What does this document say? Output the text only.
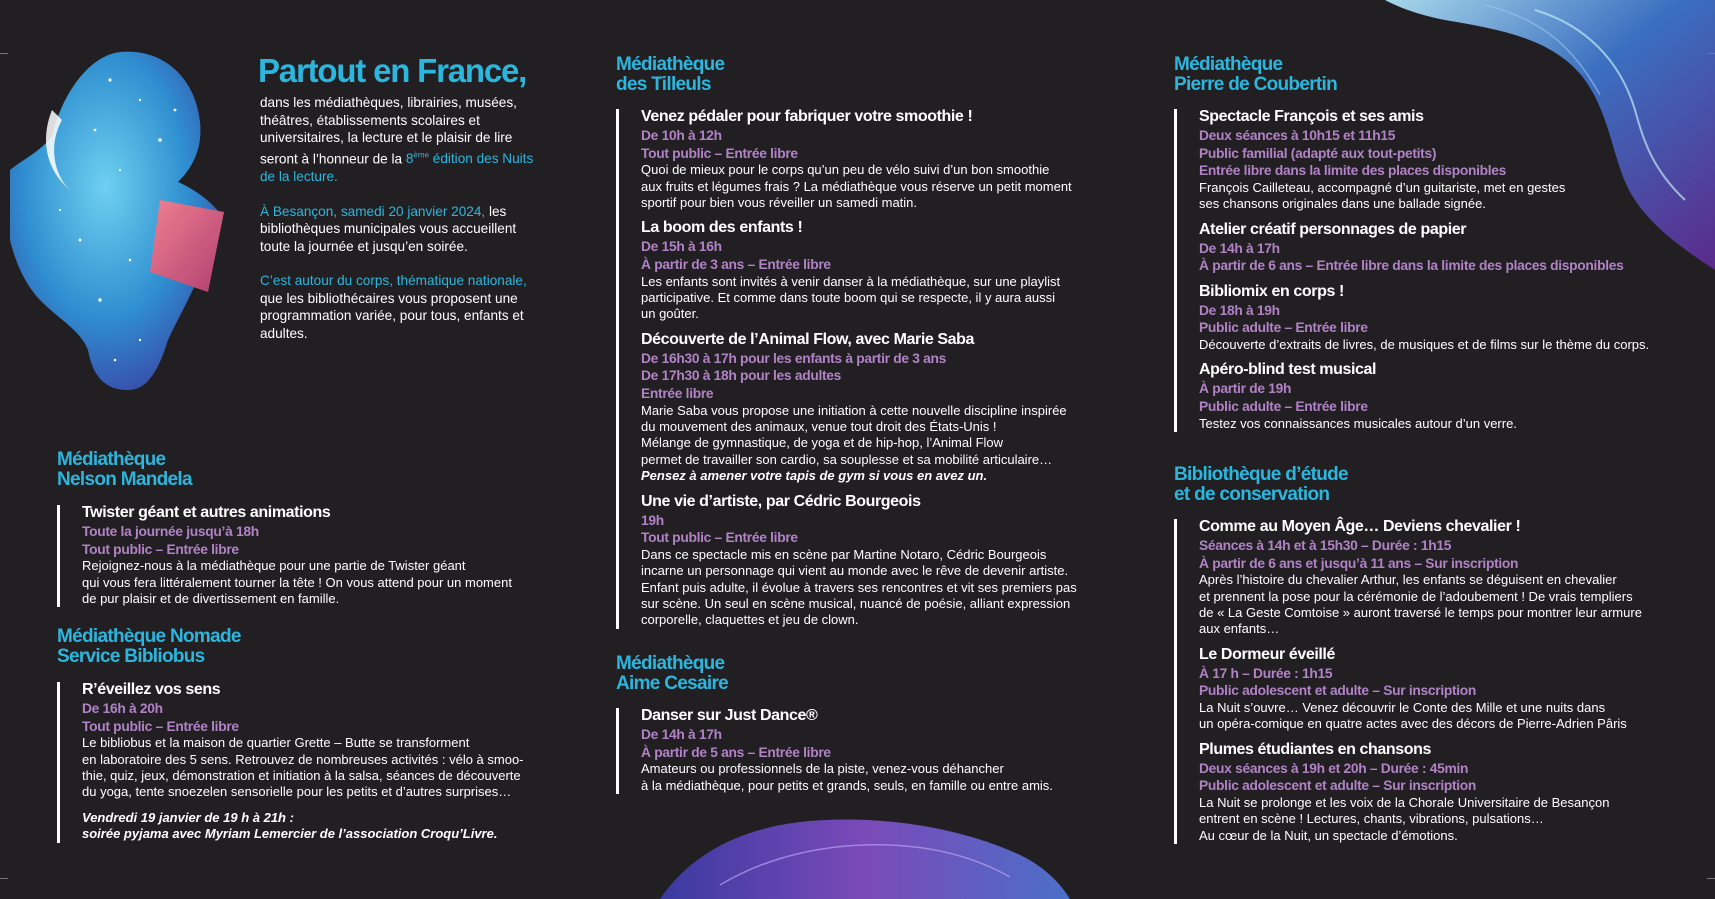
Partout en France,

dans les médiathèques, librairies, musées, théâtres, établissements scolaires et universitaires, la lecture et le plaisir de lire seront à l’honneur de la 8ème édition des Nuits de la lecture.

À Besançon, samedi 20 janvier 2024, les bibliothèques municipales vous accueillent toute la journée et jusqu’en soirée.

C’est autour du corps, thématique nationale, que les bibliothécaires vous proposent une programmation variée, pour tous, enfants et adultes.

Médiathèque
Nelson Mandela
Twister géant et autres animations
Toute la journée jusqu’à 18h
Tout public – Entrée libre
Rejoignez-nous à la médiathèque pour une partie de Twister géant
qui vous fera littéralement tourner la tête ! On vous attend pour un moment
de pur plaisir et de divertissement en famille.
Médiathèque Nomade
Service Bibliobus
R’éveillez vos sens
De 16h à 20h
Tout public – Entrée libre
Le bibliobus et la maison de quartier Grette – Butte se transforment
en laboratoire des 5 sens. Retrouvez de nombreuses activités : vélo à smoo-
thie, quiz, jeux, démonstration et initiation à la salsa, séances de découverte
du yoga, tente snoezelen sensorielle pour les petits et d’autres surprises…
Vendredi 19 janvier de 19 h à 21h :
soirée pyjama avec Myriam Lemercier de l’association Croqu’Livre.
Médiathèque
des Tilleuls
Venez pédaler pour fabriquer votre smoothie !
De 10h à 12h
Tout public – Entrée libre
Quoi de mieux pour le corps qu’un peu de vélo suivi d’un bon smoothie
aux fruits et légumes frais ? La médiathèque vous réserve un petit moment
sportif pour bien vous réveiller un samedi matin.
La boom des enfants !
De 15h à 16h
À partir de 3 ans – Entrée libre
Les enfants sont invités à venir danser à la médiathèque, sur une playlist
participative. Et comme dans toute boom qui se respecte, il y aura aussi
un goûter.
Découverte de l’Animal Flow, avec Marie Saba
De 16h30 à 17h pour les enfants à partir de 3 ans
De 17h30 à 18h pour les adultes
Entrée libre
Marie Saba vous propose une initiation à cette nouvelle discipline inspirée
du mouvement des animaux, venue tout droit des États-Unis !
Mélange de gymnastique, de yoga et de hip-hop, l’Animal Flow
permet de travailler son cardio, sa souplesse et sa mobilité articulaire…
Pensez à amener votre tapis de gym si vous en avez un.
Une vie d’artiste, par Cédric Bourgeois
19h
Tout public – Entrée libre
Dans ce spectacle mis en scène par Martine Notaro, Cédric Bourgeois
incarne un personnage qui vient au monde avec le rêve de devenir artiste.
Enfant puis adulte, il évolue à travers ses rencontres et vit ses premiers pas
sur scène. Un seul en scène musical, nuancé de poésie, alliant expression
corporelle, claquettes et jeu de clown.
Médiathèque
Aime Cesaire
Danser sur Just Dance®
De 14h à 17h
À partir de 5 ans – Entrée libre
Amateurs ou professionnels de la piste, venez-vous déhancher
à la médiathèque, pour petits et grands, seuls, en famille ou entre amis.
Médiathèque
Pierre de Coubertin
Spectacle François et ses amis
Deux séances à 10h15 et 11h15
Public familial (adapté aux tout-petits)
Entrée libre dans la limite des places disponibles
François Cailleteau, accompagné d’un guitariste, met en gestes
ses chansons originales dans une ballade signée.
Atelier créatif personnages de papier
De 14h à 17h
À partir de 6 ans – Entrée libre dans la limite des places disponibles
Bibliomix en corps !
De 18h à 19h
Public adulte – Entrée libre
Découverte d’extraits de livres, de musiques et de films sur le thème du corps.
Apéro-blind test musical
À partir de 19h
Public adulte – Entrée libre
Testez vos connaissances musicales autour d’un verre.
Bibliothèque d’étude
et de conservation
Comme au Moyen Âge… Deviens chevalier !
Séances à 14h et à 15h30 – Durée : 1h15
À partir de 6 ans et jusqu’à 11 ans – Sur inscription
Après l’histoire du chevalier Arthur, les enfants se déguisent en chevalier
et prennent la pose pour la cérémonie de l’adoubement ! De vrais templiers
de « La Geste Comtoise » auront traversé le temps pour montrer leur armure
aux enfants…
Le Dormeur éveillé
À 17 h – Durée : 1h15
Public adolescent et adulte – Sur inscription
La Nuit s’ouvre… Venez découvrir le Conte des Mille et une nuits dans
un opéra-comique en quatre actes avec des décors de Pierre-Adrien Pâris
Plumes étudiantes en chansons
Deux séances à 19h et 20h – Durée : 45min
Public adolescent et adulte – Sur inscription
La Nuit se prolonge et les voix de la Chorale Universitaire de Besançon
entrent en scène ! Lectures, chants, vibrations, pulsations…
Au cœur de la Nuit, un spectacle d’émotions.
